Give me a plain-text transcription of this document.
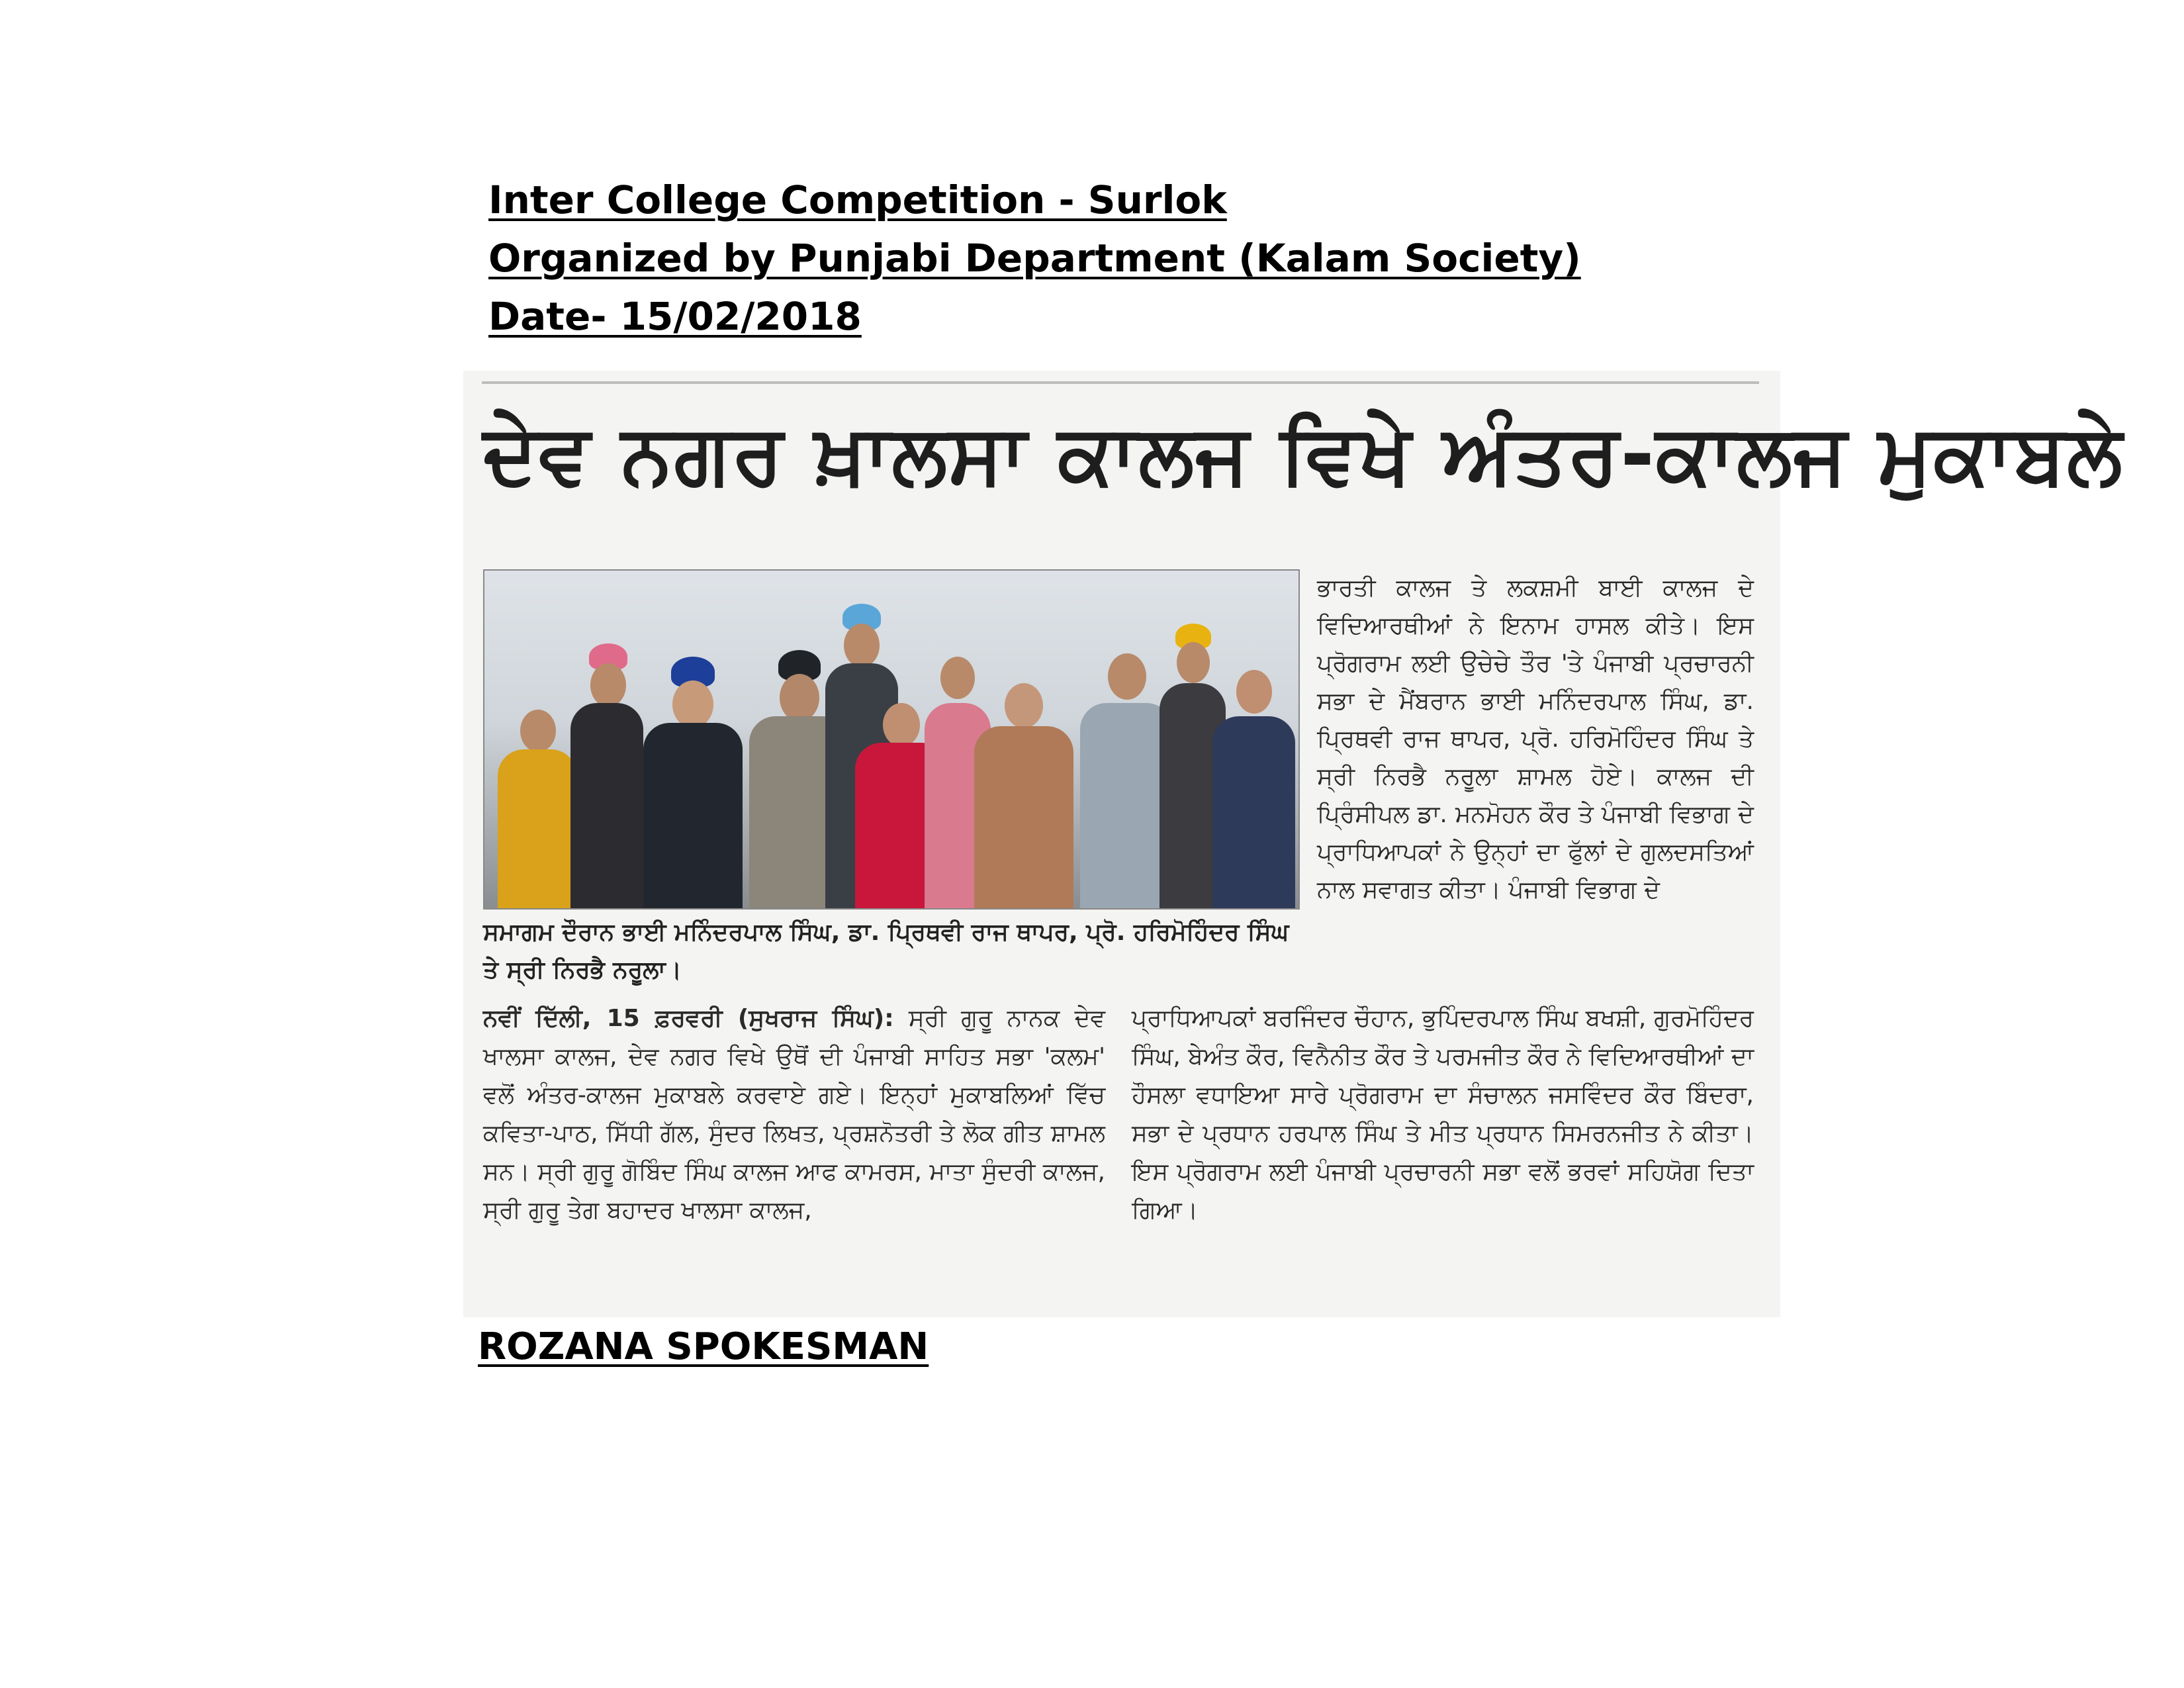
Inter College Competition - Surlok
Organized by Punjabi Department (Kalam Society)
Date- 15/02/2018
ਦੇਵ ਨਗਰ ਖ਼ਾਲਸਾ ਕਾਲਜ ਵਿਖੇ ਅੰਤਰ-ਕਾਲਜ ਮੁਕਾਬਲੇ
ਭਾਰਤੀ ਕਾਲਜ ਤੇ ਲਕਸ਼ਮੀ ਬਾਈ ਕਾਲਜ ਦੇ ਵਿਦਿਆਰਥੀਆਂ ਨੇ ਇਨਾਮ ਹਾਸਲ ਕੀਤੇ। ਇਸ ਪ੍ਰੋਗਰਾਮ ਲਈ ਉਚੇਚੇ ਤੌਰ 'ਤੇ ਪੰਜਾਬੀ ਪ੍ਰਚਾਰਨੀ ਸਭਾ ਦੇ ਮੈਂਬਰਾਨ ਭਾਈ ਮਨਿੰਦਰਪਾਲ ਸਿੰਘ, ਡਾ. ਪ੍ਰਿਥਵੀ ਰਾਜ ਥਾਪਰ, ਪ੍ਰੋ. ਹਰਿਮੋਹਿੰਦਰ ਸਿੰਘ ਤੇ ਸ੍ਰੀ ਨਿਰਭੈ ਨਰੂਲਾ ਸ਼ਾਮਲ ਹੋਏ। ਕਾਲਜ ਦੀ ਪ੍ਰਿੰਸੀਪਲ ਡਾ. ਮਨਮੋਹਨ ਕੌਰ ਤੇ ਪੰਜਾਬੀ ਵਿਭਾਗ ਦੇ ਪ੍ਰਾਧਿਆਪਕਾਂ ਨੇ ਉਨ੍ਹਾਂ ਦਾ ਫੁੱਲਾਂ ਦੇ ਗੁਲਦਸਤਿਆਂ ਨਾਲ ਸਵਾਗਤ ਕੀਤਾ। ਪੰਜਾਬੀ ਵਿਭਾਗ ਦੇ
ਸਮਾਗਮ ਦੌਰਾਨ ਭਾਈ ਮਨਿੰਦਰਪਾਲ ਸਿੰਘ, ਡਾ. ਪ੍ਰਿਥਵੀ ਰਾਜ ਥਾਪਰ, ਪ੍ਰੋ. ਹਰਿਮੋਹਿੰਦਰ ਸਿੰਘ ਤੇ ਸ੍ਰੀ ਨਿਰਭੈ ਨਰੂਲਾ।
ਨਵੀਂ ਦਿੱਲੀ, 15 ਫ਼ਰਵਰੀ (ਸੁਖਰਾਜ ਸਿੰਘ): ਸ੍ਰੀ ਗੁਰੂ ਨਾਨਕ ਦੇਵ ਖਾਲਸਾ ਕਾਲਜ, ਦੇਵ ਨਗਰ ਵਿਖੇ ਉਥੋਂ ਦੀ ਪੰਜਾਬੀ ਸਾਹਿਤ ਸਭਾ 'ਕਲਮ' ਵਲੋਂ ਅੰਤਰ-ਕਾਲਜ ਮੁਕਾਬਲੇ ਕਰਵਾਏ ਗਏ। ਇਨ੍ਹਾਂ ਮੁਕਾਬਲਿਆਂ ਵਿੱਚ ਕਵਿਤਾ-ਪਾਠ, ਸਿੱਧੀ ਗੱਲ, ਸੁੰਦਰ ਲਿਖਤ, ਪ੍ਰਸ਼ਨੋਤਰੀ ਤੇ ਲੋਕ ਗੀਤ ਸ਼ਾਮਲ ਸਨ। ਸ੍ਰੀ ਗੁਰੂ ਗੋਬਿੰਦ ਸਿੰਘ ਕਾਲਜ ਆਫ ਕਾਮਰਸ, ਮਾਤਾ ਸੁੰਦਰੀ ਕਾਲਜ, ਸ੍ਰੀ ਗੁਰੂ ਤੇਗ ਬਹਾਦਰ ਖਾਲਸਾ ਕਾਲਜ,
ਪ੍ਰਾਧਿਆਪਕਾਂ ਬਰਜਿੰਦਰ ਚੌਹਾਨ, ਭੁਪਿੰਦਰਪਾਲ ਸਿੰਘ ਬਖਸ਼ੀ, ਗੁਰਮੋਹਿੰਦਰ ਸਿੰਘ, ਬੇਅੰਤ ਕੌਰ, ਵਿਨੈਨੀਤ ਕੌਰ ਤੇ ਪਰਮਜੀਤ ਕੌਰ ਨੇ ਵਿਦਿਆਰਥੀਆਂ ਦਾ ਹੌਸਲਾ ਵਧਾਇਆ ਸਾਰੇ ਪ੍ਰੋਗਰਾਮ ਦਾ ਸੰਚਾਲਨ ਜਸਵਿੰਦਰ ਕੌਰ ਬਿੰਦਰਾ, ਸਭਾ ਦੇ ਪ੍ਰਧਾਨ ਹਰਪਾਲ ਸਿੰਘ ਤੇ ਮੀਤ ਪ੍ਰਧਾਨ ਸਿਮਰਨਜੀਤ ਨੇ ਕੀਤਾ। ਇਸ ਪ੍ਰੋਗਰਾਮ ਲਈ ਪੰਜਾਬੀ ਪ੍ਰਚਾਰਨੀ ਸਭਾ ਵਲੋਂ ਭਰਵਾਂ ਸਹਿਯੋਗ ਦਿਤਾ ਗਿਆ।
ROZANA SPOKESMAN
